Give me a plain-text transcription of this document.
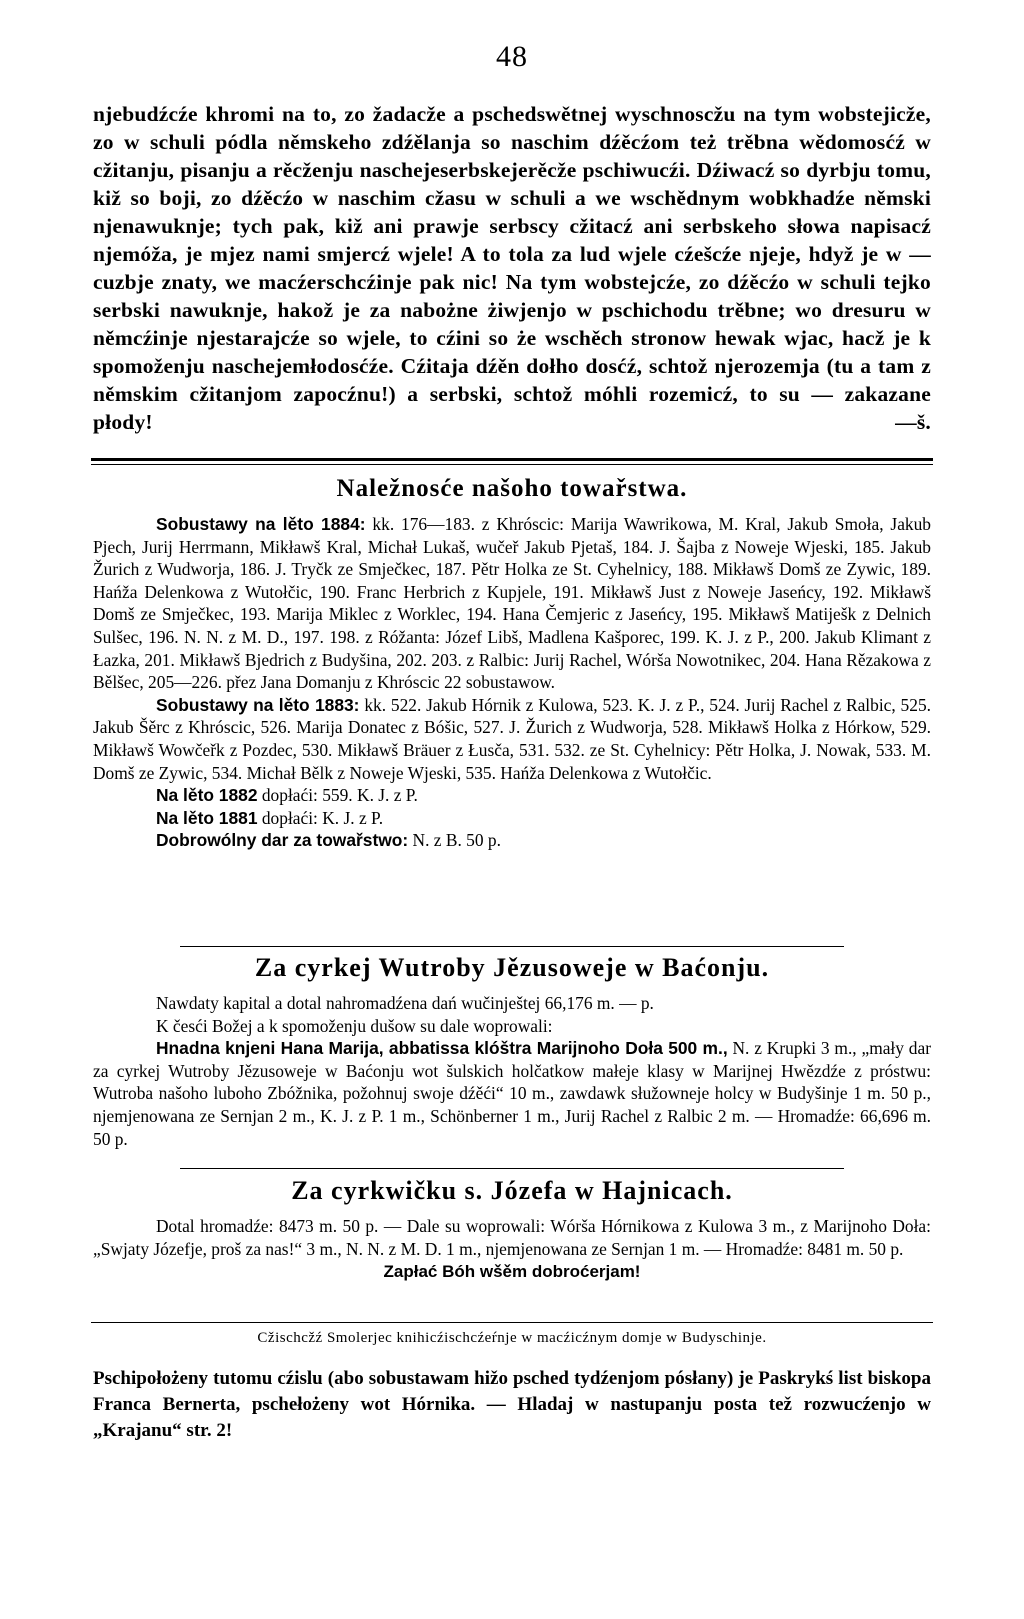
48

njebudźcźe khromi na to, zo žadacže a pschedswětnej wyschnoscžu na tym wobstejicže, zo w schuli pódla němskeho zdźělanja so naschim dźěcźom też trěbna wědomosćź w cžitanju, pisanju a rěcženju naschejeserbskejerěcže pschiwucźi. Dźiwacź so dyrbju tomu, kiž so boji, zo dźěcźo w naschim cžasu w schuli a we wschědnym wobkhadźe němski njenawuknje; tych pak, kiž ani prawje serbscy cžitacź ani serbskeho słowa napisacź njemóža, je mjez nami smjercź wjele! A to tola za lud wjele cźešcźe njeje, hdyž je w — cuzbje znaty, we macźerschcźinje pak nic! Na tym wobstejcźe, zo dźěcźo w schuli tejko serbski nawuknje, hakož je za nabożne żiwjenjo w pschichodu trěbne; wo dresuru w němcźinje njestarajcźe so wjele, to cźini so że wschěch stronow hewak wjac, hacž je k spomoženju naschejemłodosćźe. Cźitaja dźěn dołho dosćź, schtož njerozemja (tu a tam z němskim cžitanjom zapocźnu!) a serbski, schtož móhli rozemicź, to su — zakazane płody!	—š.

Naležnosće našoho towařstwa.

Sobustawy na lěto 1884: kk. 176—183. z Khróscic: Marija Wawrikowa, M. Kral, Jakub Smoła, Jakub Pjech, Jurij Herrmann, Mikławš Kral, Michał Lukaš, wučeř Jakub Pjetaš, 184. J. Šajba z Noweje Wjeski, 185. Jakub Žurich z Wudworja, 186. J. Tryčk ze Smječkec, 187. Pětr Holka ze St. Cyhelnicy, 188. Mikławš Domš ze Zywic, 189. Hańža Delenkowa z Wutołčic, 190. Franc Herbrich z Kupjele, 191. Mikławš Just z Noweje Jaseńcy, 192. Mikławš Domš ze Smječkec, 193. Marija Miklec z Worklec, 194. Hana Čemjeric z Jaseńcy, 195. Mikławš Matiješk z Delnich Sulšec, 196. N. N. z M. D., 197. 198. z Róžanta: Józef Libš, Madlena Kašporec, 199. K. J. z P., 200. Jakub Klimant z Łazka, 201. Mikławš Bjedrich z Budyšina, 202. 203. z Ralbic: Jurij Rachel, Wórša Nowotnikec, 204. Hana Rězakowa z Bělšec, 205—226. přez Jana Domanju z Khróscic 22 sobustawow.

Sobustawy na lěto 1883: kk. 522. Jakub Hórnik z Kulowa, 523. K. J. z P., 524. Jurij Rachel z Ralbic, 525. Jakub Šěrc z Khróscic, 526. Marija Donatec z Bóšic, 527. J. Žurich z Wudworja, 528. Mikławš Holka z Hórkow, 529. Mikławš Wowčeřk z Pozdec, 530. Mikławš Bräuer z Łusča, 531. 532. ze St. Cyhelnicy: Pětr Holka, J. Nowak, 533. M. Domš ze Zywic, 534. Michał Bělk z Noweje Wjeski, 535. Hańža Delenkowa z Wutołčic.

Na lěto 1882 dopłaći: 559. K. J. z P.

Na lěto 1881 dopłaći: K. J. z P.

Dobrowólny dar za towařstwo: N. z B. 50 p.

Za cyrkej Wutroby Jězusoweje w Baćonju.

Nawdaty kapital a dotal nahromadźena dań wučinještej 66,176 m. — p.

K česći Božej a k spomoženju dušow su dale woprowali:

Hnadna knjeni Hana Marija, abbatissa klóštra Marijnoho Doła 500 m., N. z Krupki 3 m., „mały dar za cyrkej Wutroby Jězusoweje w Baćonju wot šulskich holčatkow małeje klasy w Marijnej Hwězdźe z próstwu: Wutroba našoho luboho Zbóžnika, požohnuj swoje dźěći“ 10 m., zawdawk słužowneje holcy w Budyšinje 1 m. 50 p., njemjenowana ze Sernjan 2 m., K. J. z P. 1 m., Schönberner 1 m., Jurij Rachel z Ralbic 2 m. — Hromadźe: 66,696 m. 50 p.

Za cyrkwičku s. Józefa w Hajnicach.

Dotal hromadźe: 8473 m. 50 p. — Dale su woprowali: Wórša Hórnikowa z Kulowa 3 m., z Marijnoho Doła: „Swjaty Józefje, proš za nas!“ 3 m., N. N. z M. D. 1 m., njemjenowana ze Sernjan 1 m. — Hromadźe: 8481 m. 50 p.

Zapłać Bóh wšěm dobroćerjam!

Cžischcžź Smolerjec knihicźischcźeŕnje w macźicźnym domje w Budyschinje.
Pschipołożeny tutomu cźislu (abo sobustawam hižo psched tydźenjom pósłany) je Paskrykś list biskopa Franca Bernerta, pschełożeny wot Hórnika. — Hladaj w nastupanju posta tež rozwucźenjo w „Krajanu“ str. 2!
